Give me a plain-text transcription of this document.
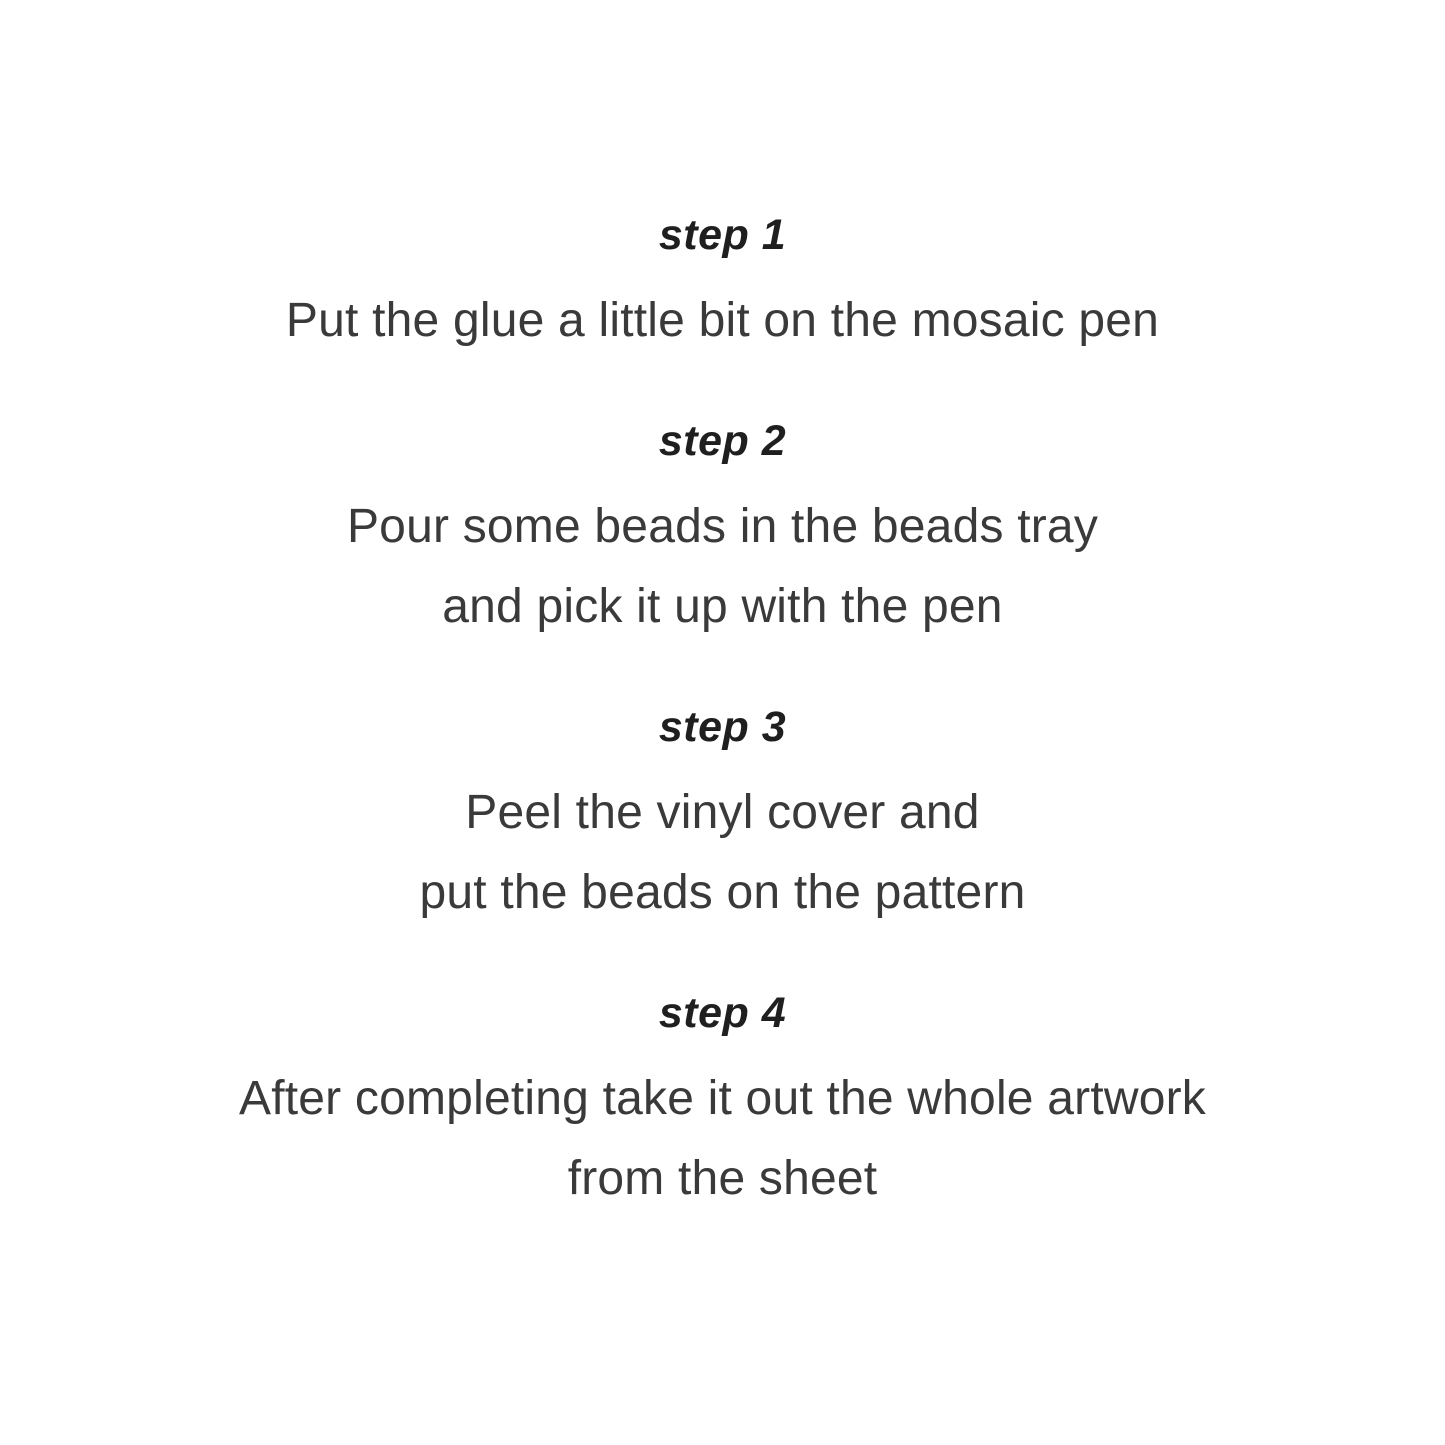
step 1
Put the glue a little bit on the mosaic pen
step 2
Pour some beads in the beads tray
and pick it up with the pen
step 3
Peel the vinyl cover and
put the beads on the pattern
step 4
After completing take it out the whole artwork
from the sheet
